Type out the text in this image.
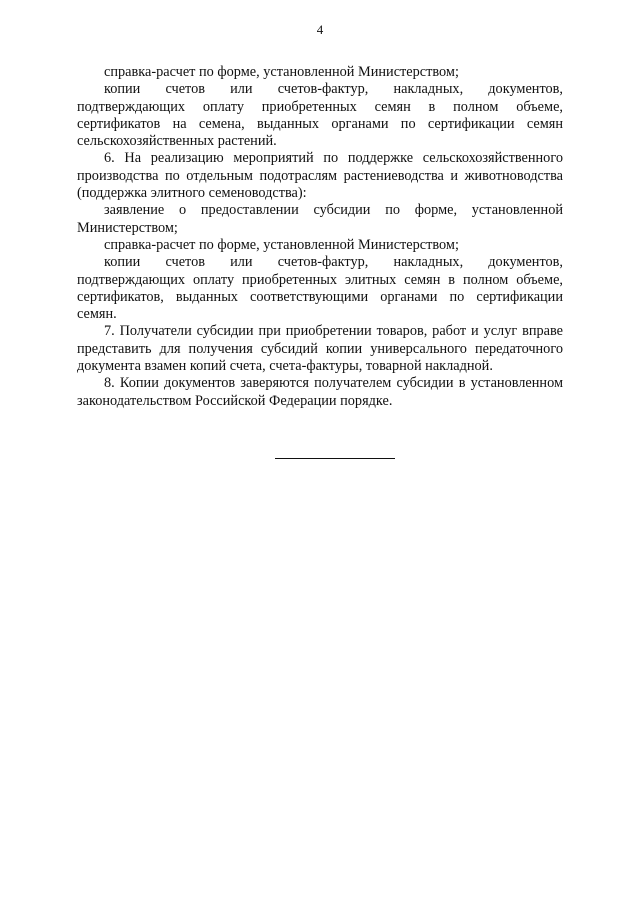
4

справка-расчет по форме, установленной Министерством;

копии счетов или счетов-фактур, накладных, документов, подтверждающих оплату приобретенных семян в полном объеме, сертификатов на семена, выданных органами по сертификации семян сельскохозяйственных растений.

6. На реализацию мероприятий по поддержке сельскохозяйственного производства по отдельным подотраслям растениеводства и животноводства (поддержка элитного семеноводства):

заявление о предоставлении субсидии по форме, установленной Министерством;

справка-расчет по форме, установленной Министерством;

копии счетов или счетов-фактур, накладных, документов, подтверждающих оплату приобретенных элитных семян в полном объеме, сертификатов, выданных соответствующими органами по сертификации семян.

7. Получатели субсидии при приобретении товаров, работ и услуг вправе представить для получения субсидий копии универсального передаточного документа взамен копий счета, счета-фактуры, товарной накладной.

8. Копии документов заверяются получателем субсидии в установленном законодательством Российской Федерации порядке.
